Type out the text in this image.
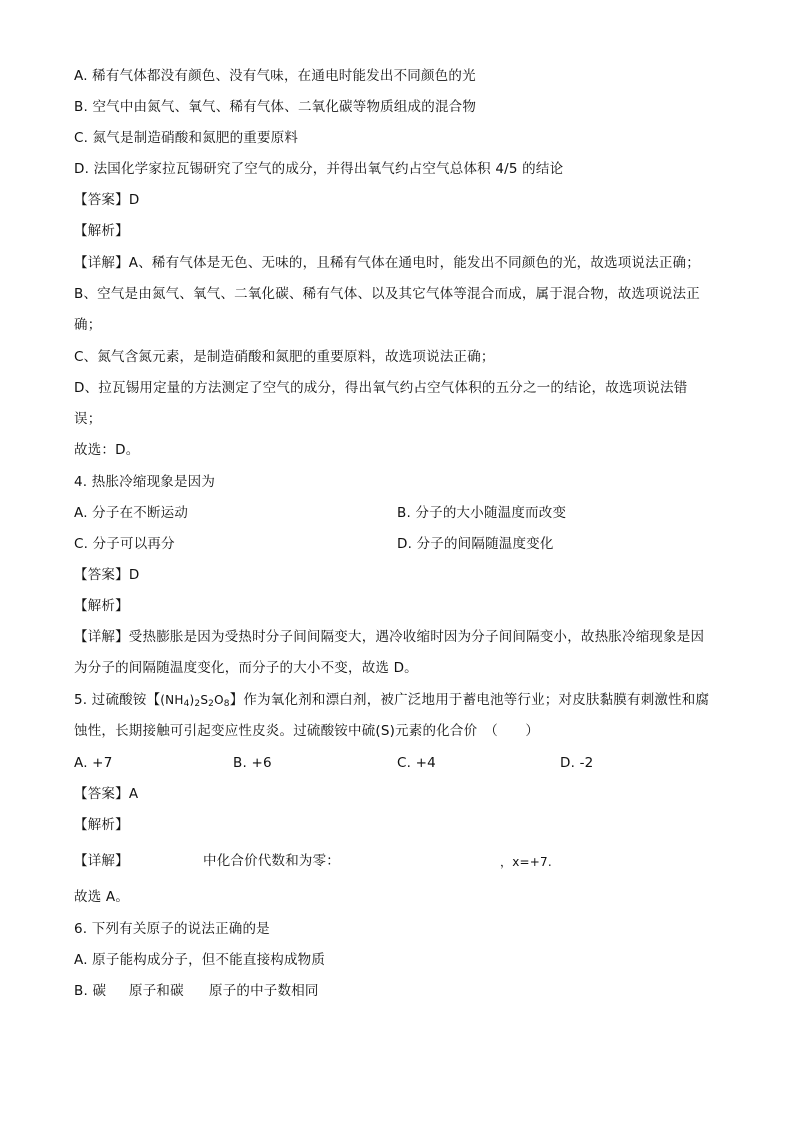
A. 稀有气体都没有颜色、没有气味，在通电时能发出不同颜色的光
B. 空气中由氮气、氧气、稀有气体、二氧化碳等物质组成的混合物
C. 氮气是制造硝酸和氮肥的重要原料
D. 法国化学家拉瓦锡研究了空气的成分，并得出氧气约占空气总体积 4/5 的结论
【答案】D
【解析】
【详解】A、稀有气体是无色、无味的，且稀有气体在通电时，能发出不同颜色的光，故选项说法正确；
B、空气是由氮气、氧气、二氧化碳、稀有气体、以及其它气体等混合而成，属于混合物，故选项说法正
确；
C、氮气含氮元素，是制造硝酸和氮肥的重要原料，故选项说法正确；
D、拉瓦锡用定量的方法测定了空气的成分，得出氧气约占空气体积的五分之一的结论，故选项说法错
误；
故选：D。
4. 热胀冷缩现象是因为
A. 分子在不断运动	B. 分子的大小随温度而改变
C. 分子可以再分	D. 分子的间隔随温度变化
【答案】D
【解析】
【详解】受热膨胀是因为受热时分子间间隔变大，遇冷收缩时因为分子间间隔变小，故热胀冷缩现象是因
为分子的间隔随温度变化，而分子的大小不变，故选 D。
5. 过硫酸铵【$(NH_4)_2S_2O_8$】作为氧化剂和漂白剂，被广泛地用于蓄电池等行业；对皮肤黏膜有刺激性和腐
蚀性，长期接触可引起变应性皮炎。过硫酸铵中硫(S)元素的化合价　（　　）
A. +7	B. +6	C. +4	D. -2
【答案】A
【解析】
【详解】	中化合价代数和为零：	，x=+7.
故选 A。
6. 下列有关原子的说法正确的是
A. 原子能构成分子，但不能直接构成物质
B. 碳 原子和碳 原子的中子数相同
